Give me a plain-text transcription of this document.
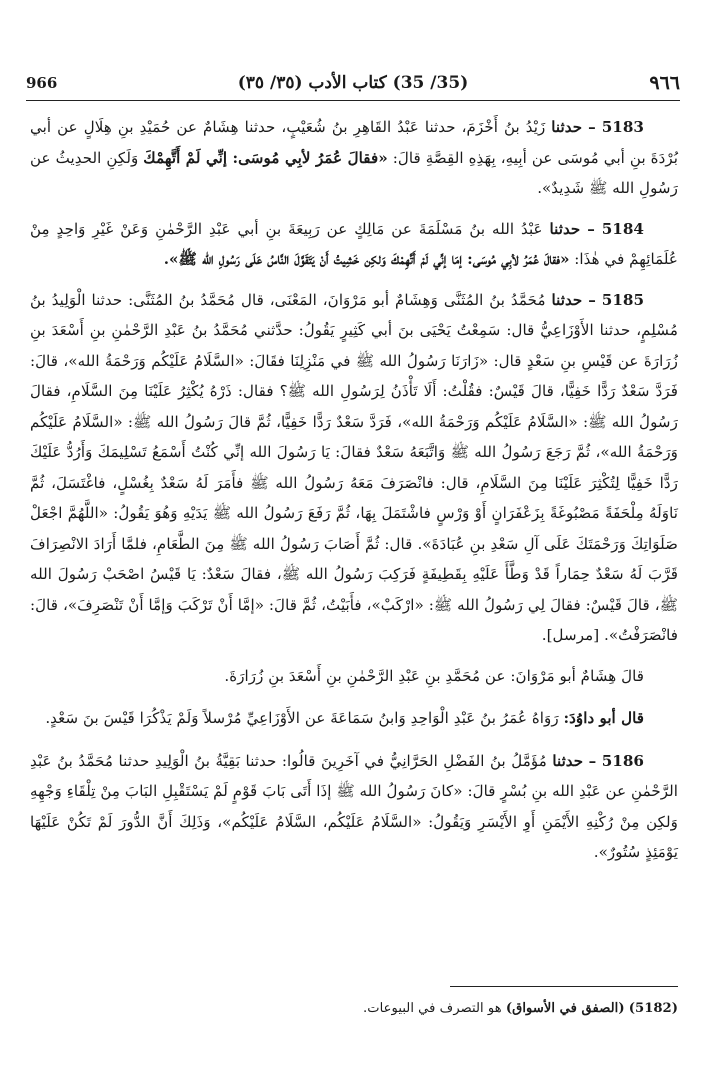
966	(35/ 35) كتاب الأدب (٣٥/ ٣٥)	٩٦٦

5183 – حدثنا زَيْدُ بنُ أَخْزَمَ، حدثنا عَبْدُ القَاهِرِ بنُ شُعَيْبٍ، حدثنا هِشَامٌ عن حُمَيْدِ بنِ هِلَالٍ عن أبي بُرْدَةَ بنِ أبي مُوسَى عن أبِيهِ، بِهَذِهِ القِصَّةِ قالَ: «فقالَ عُمَرُ لأبِي مُوسَى: إنِّي لَمْ أَتَّهِمْكَ وَلَكِنِ الحدِيثُ عن رَسُولِ الله ﷺ شَدِيدٌ».

5184 – حدثنا عَبْدُ الله بنُ مَسْلَمَةَ عن مَالِكٍ عن رَبِيعَةَ بنِ أبي عَبْدِ الرَّحْمٰنِ وَعَنْ غَيْرِ وَاحِدٍ مِنْ عُلَمَائِهِمْ في هٰذَا: «فقالَ عُمَرُ لأبِي مُوسَى: إمَا إنِّي لَمْ أَتَّهِمْكَ وَلكِن خَشِيتُ أَنْ يَتَقَوَّلَ النَّاسُ عَلَى رَسُولِ الله ﷺ».

5185 – حدثنا مُحَمَّدُ بنُ المُثَنَّى وَهِشَامٌ أبو مَرْوَانَ، المَعْنَى، قال مُحَمَّدُ بنُ المُثَنَّى: حدثنا الْوَلِيدُ بنُ مُسْلِمٍ، حدثنا الأَوْزَاعِيُّ قال: سَمِعْتُ يَحْيَى بنَ أبي كَثِيرٍ يَقُولُ: حدَّثني مُحَمَّدُ بنُ عَبْدِ الرَّحْمٰنِ بنِ أَسْعَدَ بنِ زُرَارَةَ عن قَيْسِ بنِ سَعْدٍ قال: «زَارَنَا رَسُولُ الله ﷺ في مَنْزِلِنَا فقَالَ: «السَّلَامُ عَلَيْكُم وَرَحْمَةُ الله»، قالَ: فَرَدَّ سَعْدٌ رَدًّا خَفِيًّا، قالَ قَيْسٌ: فقُلْتُ: أَلَا تَأْذَنُ لِرَسُولِ الله ﷺ؟ فقال: ذَرْهُ يُكْثِرُ عَلَيْنَا مِنَ السَّلَامِ، فقالَ رَسُولُ الله ﷺ: «السَّلَامُ عَلَيْكُم وَرَحْمَةُ الله»، فَرَدَّ سَعْدٌ رَدًّا خَفِيًّا، ثُمَّ قالَ رَسُولُ الله ﷺ: «السَّلَامُ عَلَيْكُم وَرَحْمَةُ الله»، ثُمَّ رَجَعَ رَسُولُ الله ﷺ وَاتَّبَعَهُ سَعْدٌ فقالَ: يَا رَسُولَ الله إنِّي كُنْتُ أَسْمَعُ تَسْلِيمَكَ وَأَرُدُّ عَلَيْكَ رَدًّا خَفِيًّا لِتُكْثِرَ عَلَيْنَا مِنَ السَّلَامِ، قال: فانْصَرَفَ مَعَهُ رَسُولُ الله ﷺ فأَمَرَ لَهُ سَعْدٌ بِغُسْلٍ، فاغْتَسَلَ، ثُمَّ نَاوَلَهُ مِلْحَفَةً مَصْبُوغَةً بِزَعْفَرَانٍ أَوْ وَرْسٍ فاشْتَمَلَ بِهَا، ثُمَّ رَفَعَ رَسُولُ الله ﷺ يَدَيْهِ وَهُوَ يَقُولُ: «اللَّهُمَّ اجْعَلْ صَلَوَاتِكَ وَرَحْمَتَكَ عَلَى آلِ سَعْدِ بنِ عُبَادَةَ». قال: ثُمَّ أَصَابَ رَسُولُ الله ﷺ مِنَ الطَّعَامِ، فلمَّا أَرَادَ الانْصِرَافَ قَرَّبَ لَهُ سَعْدٌ حِمَاراً قَدْ وَطَّأَ عَلَيْهِ بِقَطِيفَةٍ فَرَكِبَ رَسُولُ الله ﷺ، فقالَ سَعْدٌ: يَا قَيْسُ اصْحَبْ رَسُولَ الله ﷺ، قالَ قَيْسٌ: فقالَ لِي رَسُولُ الله ﷺ: «ارْكَبْ»، فأَبَيْتُ، ثُمَّ قالَ: «إمَّا أَنْ تَرْكَبَ وَإمَّا أَنْ تَنْصَرِفَ»، قالَ: فانْصَرَفْتُ». [مرسل].

قالَ هِشَامٌ أبو مَرْوَانَ: عن مُحَمَّدِ بنِ عَبْدِ الرَّحْمٰنِ بنِ أَسْعَدَ بنِ زُرَارَةَ.

قال أبو داوُدَ: رَوَاهُ عُمَرُ بنُ عَبْدِ الْوَاحِدِ وَابنُ سَمَاعَةَ عن الأَوْزَاعِيِّ مُرْسلاً وَلَمْ يَذْكُرَا قَيْسَ بنَ سَعْدٍ.

5186 – حدثنا مُؤَمَّلُ بنُ الفَضْلِ الحَرَّانِيُّ في آخَرِينَ قالُوا: حدثنا بَقِيَّةُ بنُ الْوَلِيدِ حدثنا مُحَمَّدُ بنُ عَبْدِ الرَّحْمٰنِ عن عَبْدِ الله بنِ بُسْرٍ قالَ: «كانَ رَسُولُ الله ﷺ إذَا أَتَى بَابَ قَوْمٍ لَمْ يَسْتَقْبِلِ البَابَ مِنْ تِلْقَاءِ وَجْهِهِ وَلكِن مِنْ رُكْنِهِ الأَيْمَنِ أَوِ الأَيْسَرِ وَيَقُولُ: «السَّلَامُ عَلَيْكُم، السَّلَامُ عَلَيْكُم»، وَذَلِكَ أَنَّ الدُّورَ لَمْ تَكُنْ عَلَيْهَا يَوْمَئِذٍ سُتُورٌ».

(5182) (الصفق في الأسواق) هو التصرف في البيوعات.
